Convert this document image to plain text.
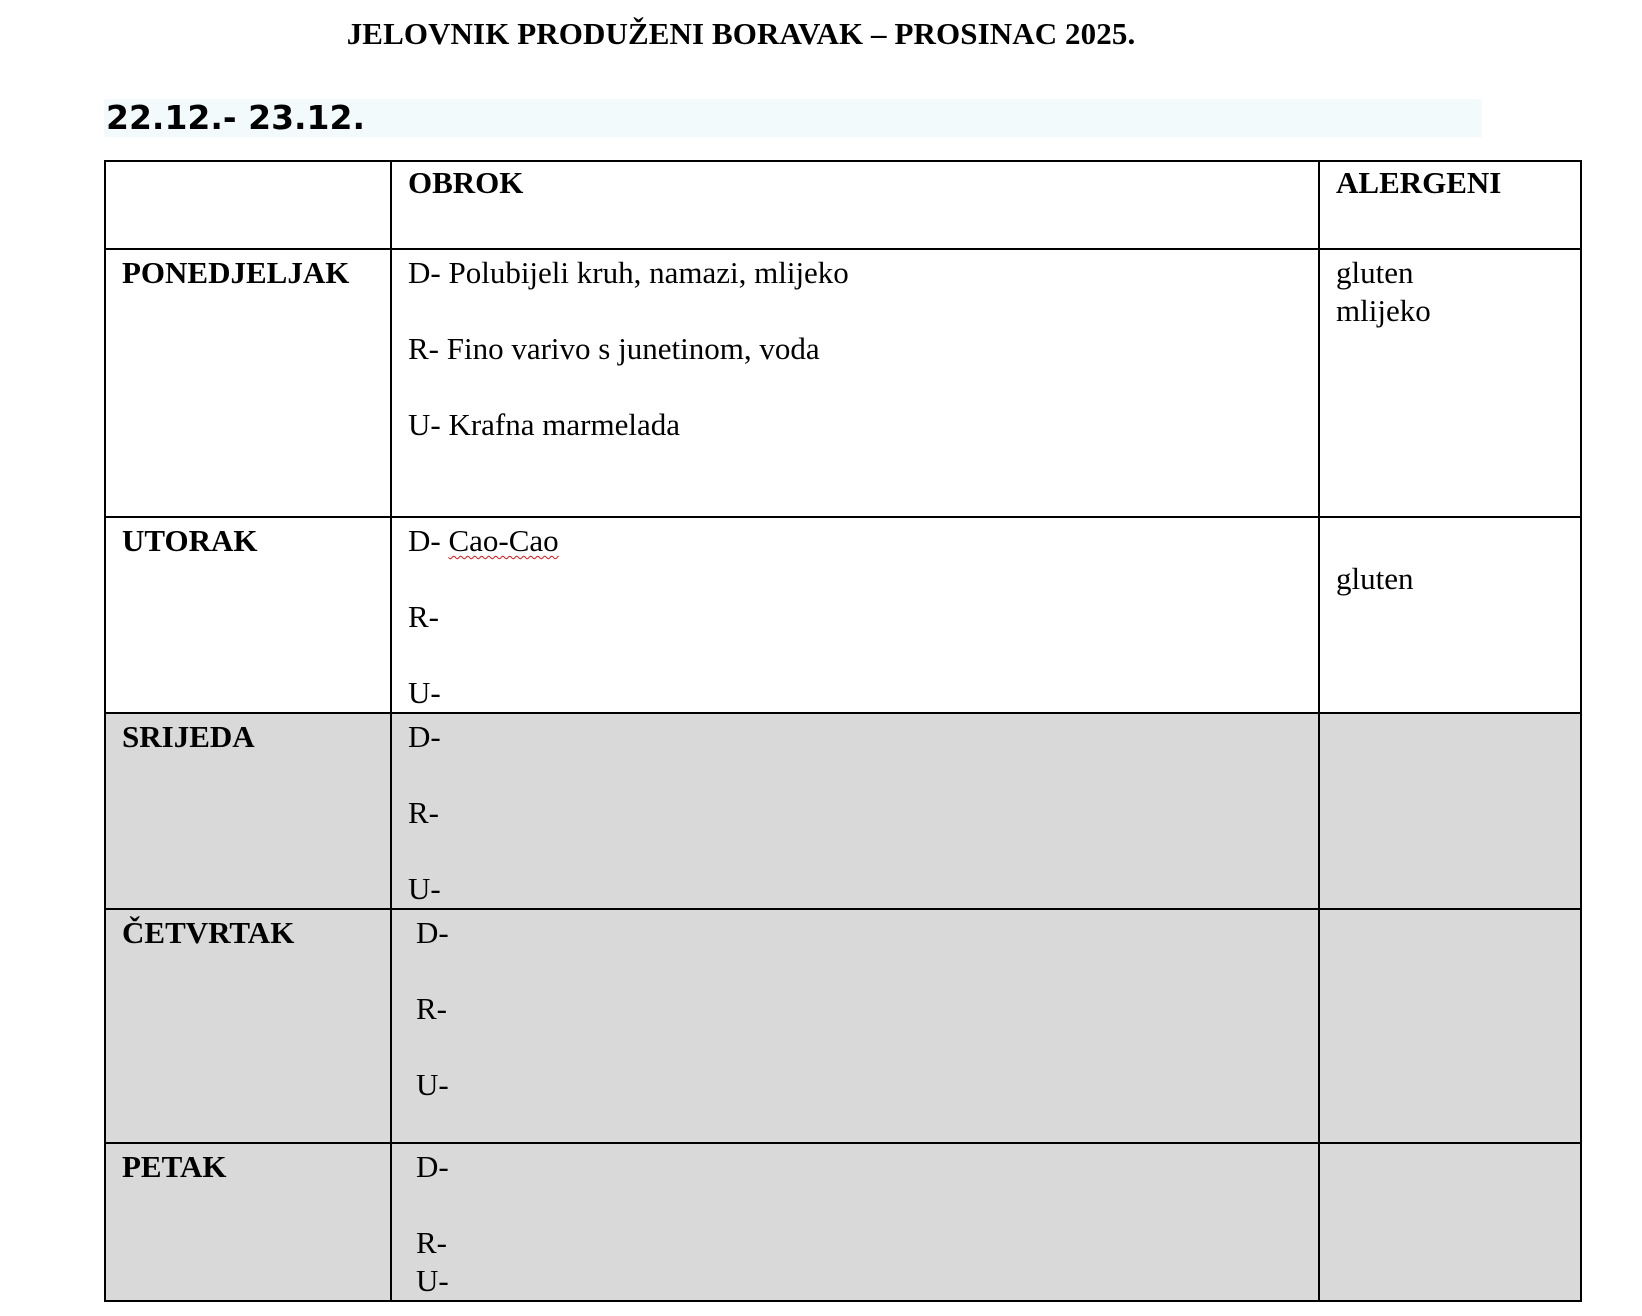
JELOVNIK PRODUŽENI BORAVAK – PROSINAC 2025.
22.12.- 23.12.

	OBROK	ALERGENI

PONEDJELJAK	D- Polubijeli kruh, namazi, mlijeko
R- Fino varivo s junetinom, voda
U- Krafna marmelada	gluten
mlijeko

UTORAK	D- Cao-Cao
R-
U-	gluten

SRIJEDA	D-
R-
U-	

ČETVRTAK	D-
R-
U-	

PETAK	D-
R-
U-	
